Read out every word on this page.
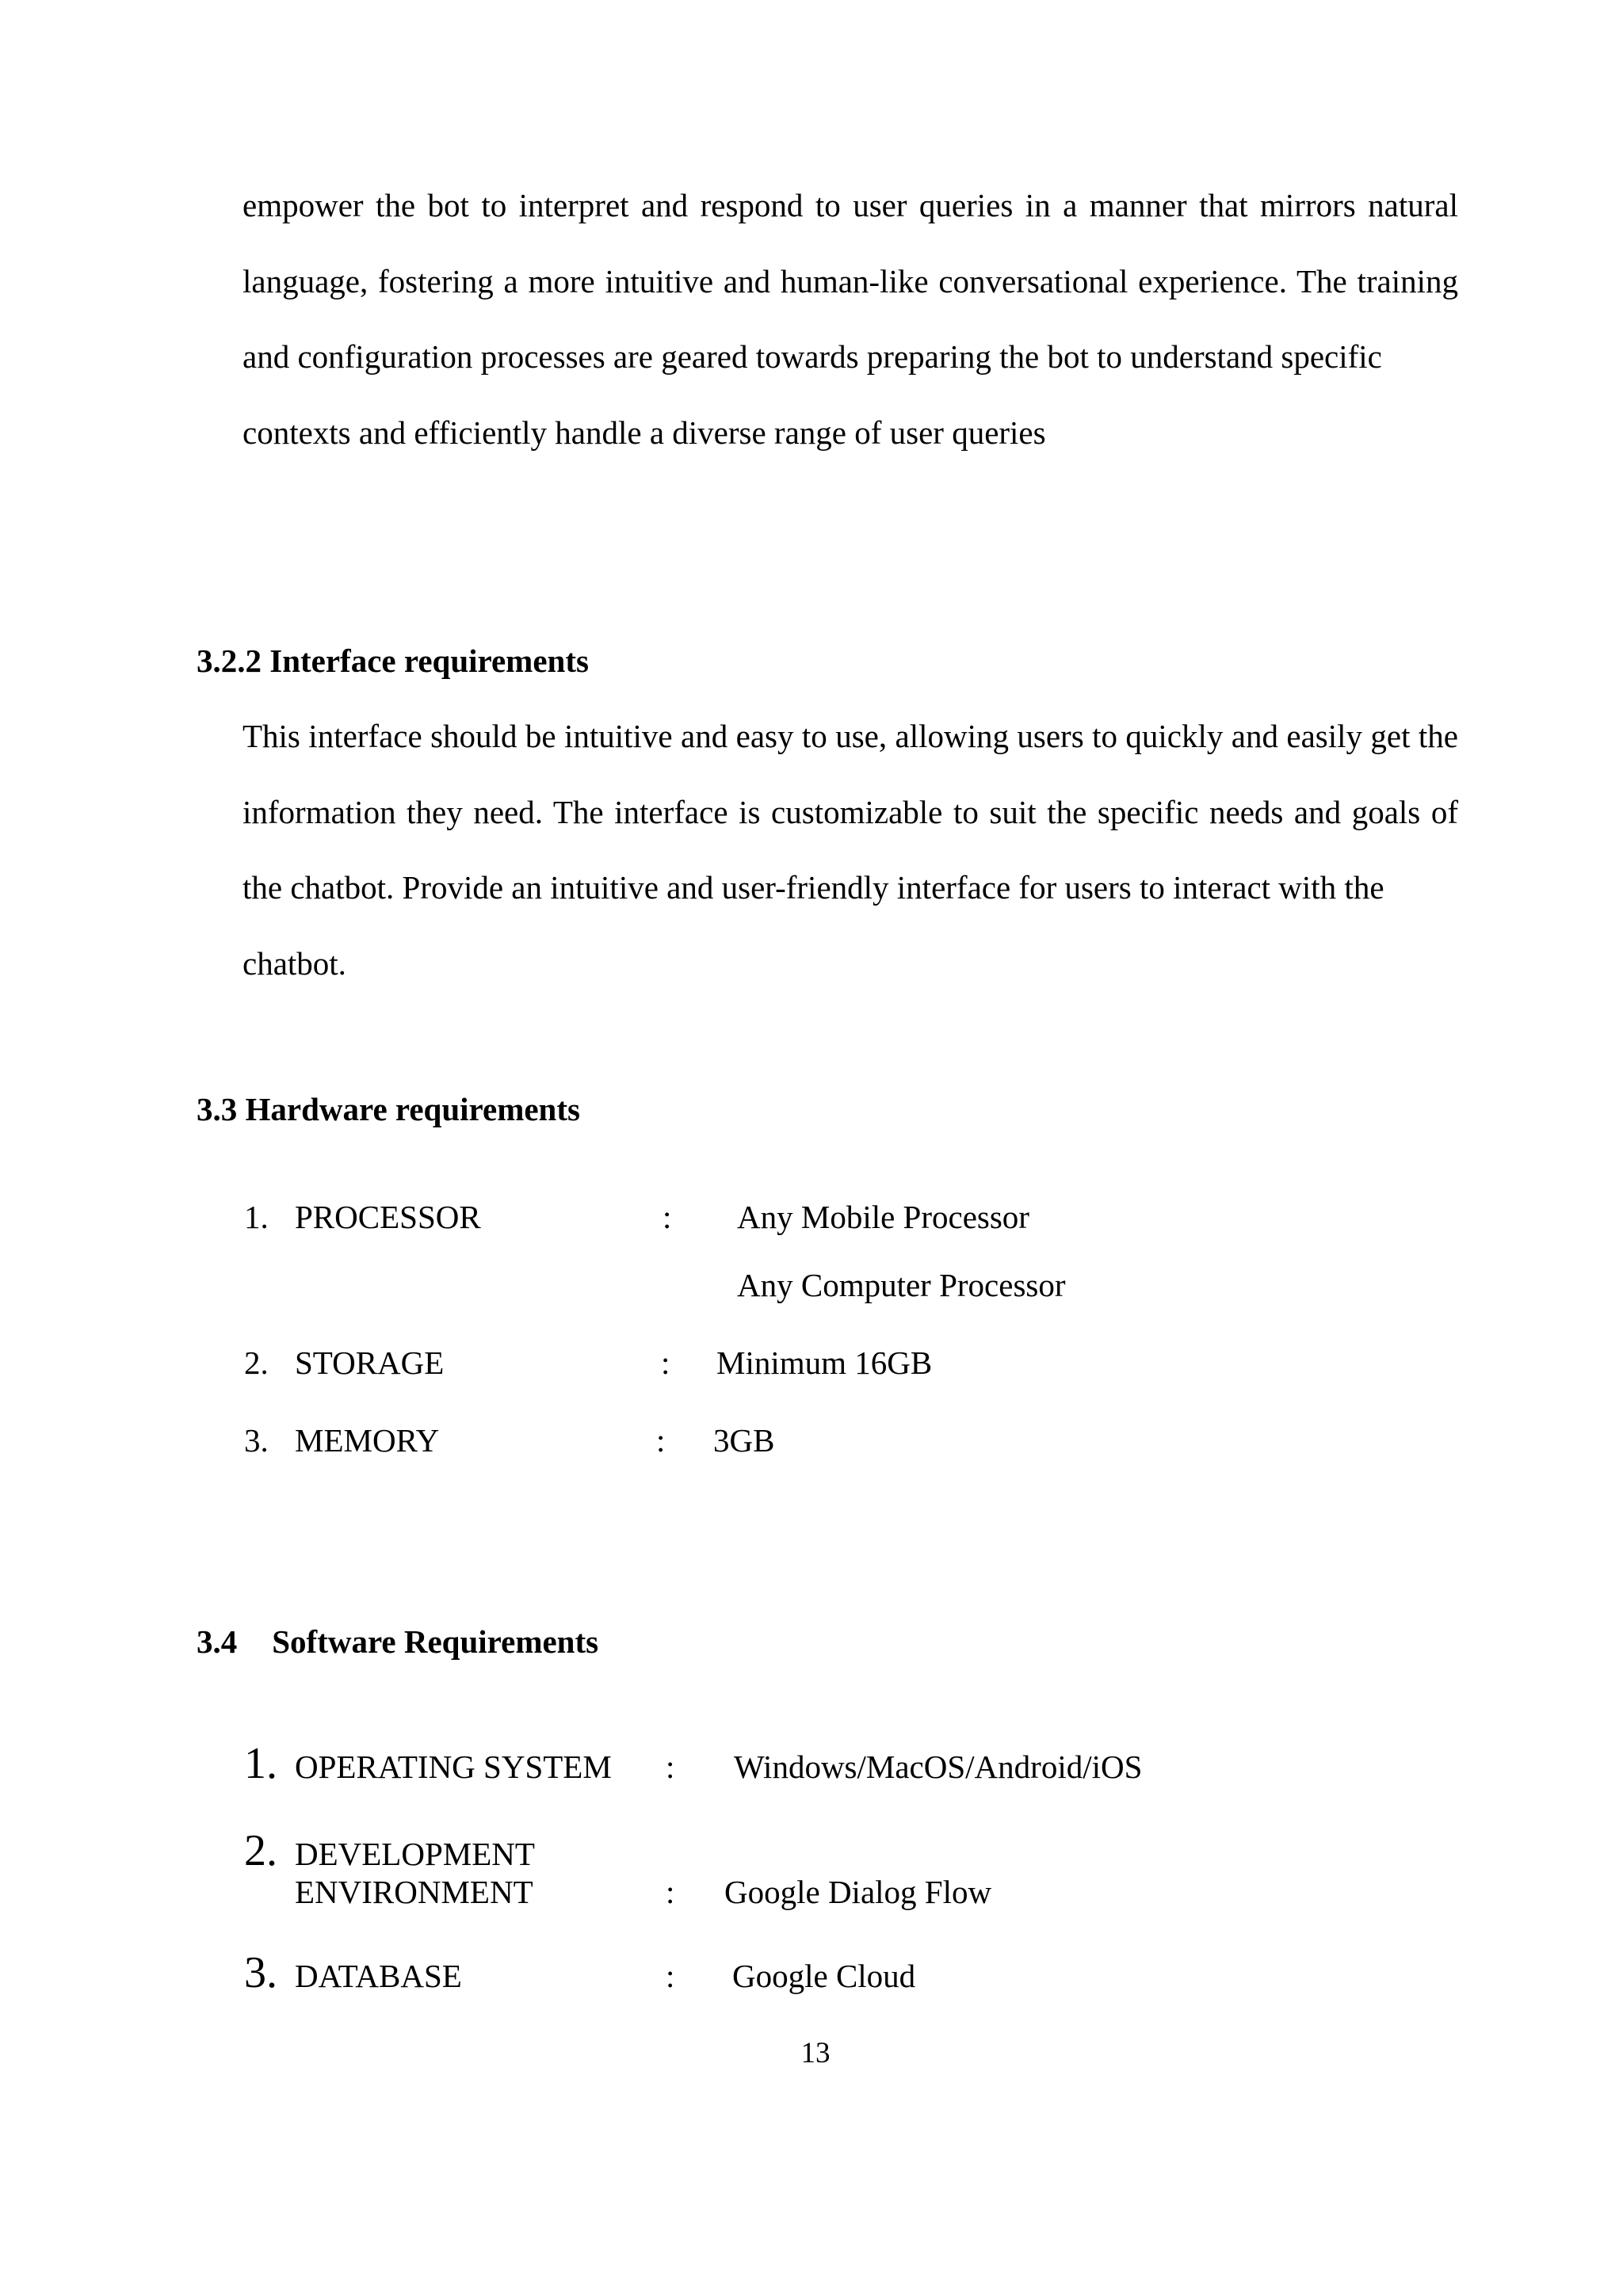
empower the bot to interpret and respond to user queries in a manner that mirrors natural language, fostering a more intuitive and human-like conversational experience. The training and configuration processes are geared towards preparing the bot to understand specific
contexts and efficiently handle a diverse range of user queries

3.2.2 Interface requirements

This interface should be intuitive and easy to use, allowing users to quickly and easily get the information they need. The interface is customizable to suit the specific needs and goals of the chatbot. Provide an intuitive and user-friendly interface for users to interact with the
chatbot.

3.3 Hardware requirements
1. PROCESSOR	: Any Mobile Processor
Any Computer Processor
2. STORAGE	: Minimum 16GB
3. MEMORY	: 3GB
3.4 Software Requirements
1. OPERATING SYSTEM : Windows/MacOS/Android/iOS
2. DEVELOPMENT
ENVIRONMENT	: Google Dialog Flow
3. DATABASE	: Google Cloud
13
